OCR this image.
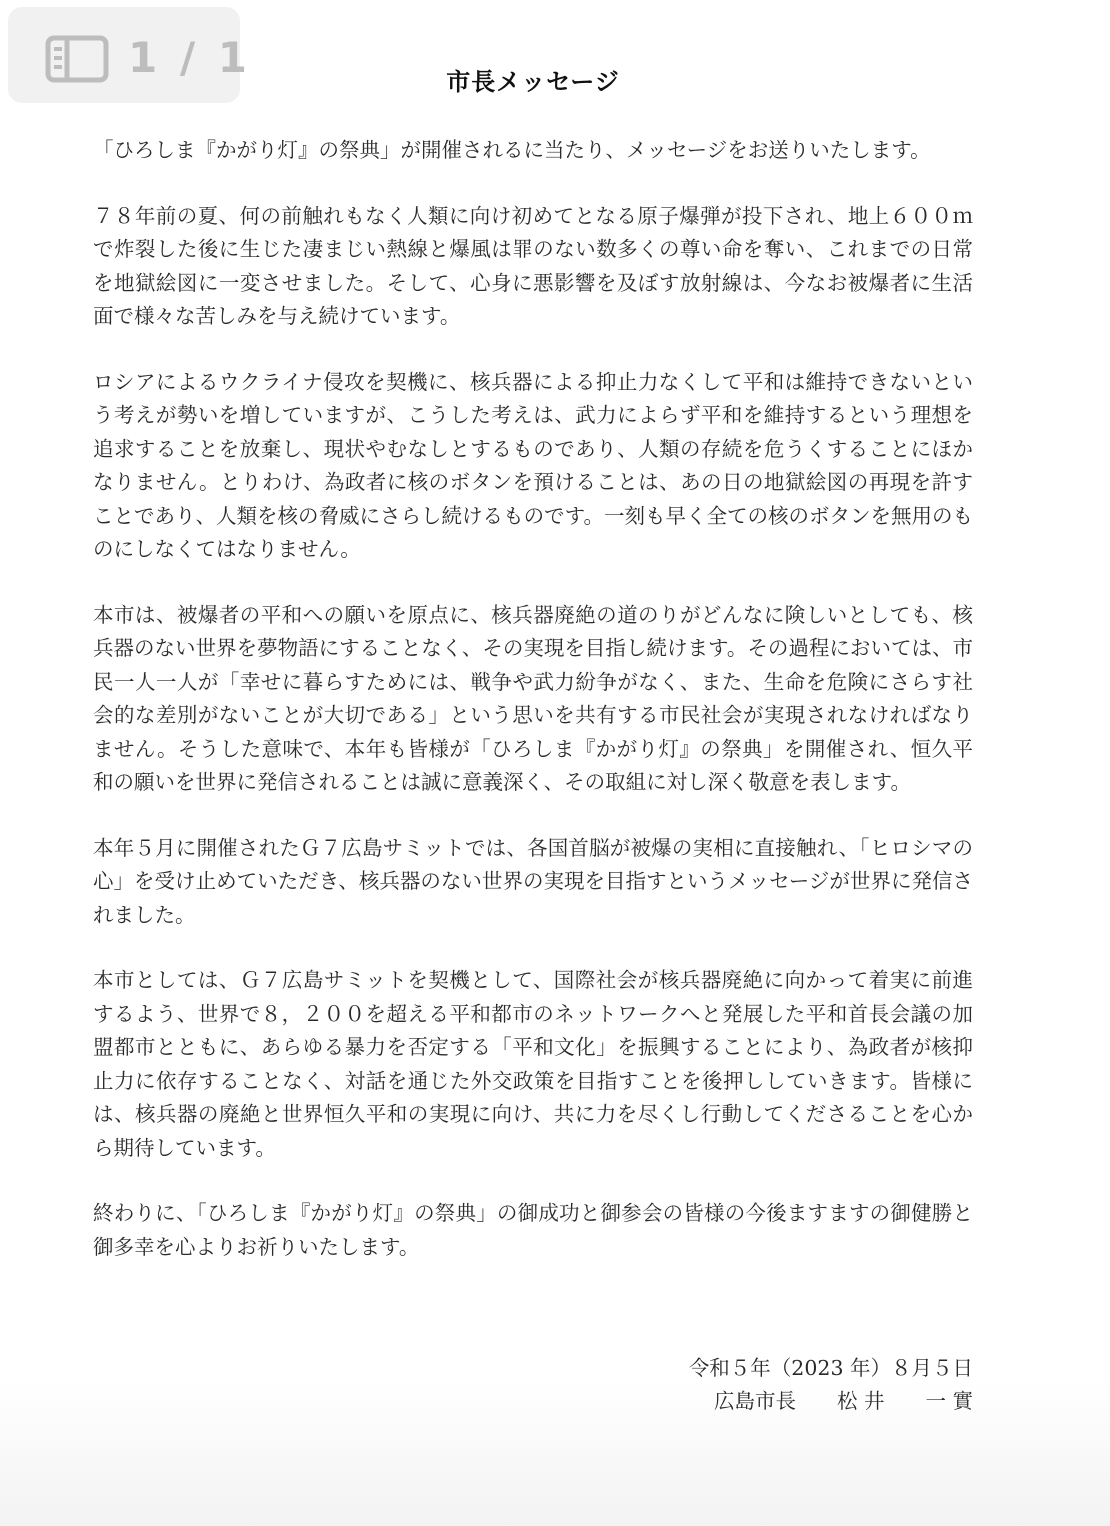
1 / 1	市長メッセージ

「ひろしま『かがり灯』の祭典」が開催されるに当たり、メッセージをお送りいたします。

７８年前の夏、何の前触れもなく人類に向け初めてとなる原子爆弾が投下され、地上６００ｍで炸裂した後に生じた凄まじい熱線と爆風は罪のない数多くの尊い命を奪い、これまでの日常を地獄絵図に一変させました。そして、心身に悪影響を及ぼす放射線は、今なお被爆者に生活面で様々な苦しみを与え続けています。

ロシアによるウクライナ侵攻を契機に、核兵器による抑止力なくして平和は維持できないという考えが勢いを増していますが、こうした考えは、武力によらず平和を維持するという理想を追求することを放棄し、現状やむなしとするものであり、人類の存続を危うくすることにほかなりません。とりわけ、為政者に核のボタンを預けることは、あの日の地獄絵図の再現を許すことであり、人類を核の脅威にさらし続けるものです。一刻も早く全ての核のボタンを無用のものにしなくてはなりません。

本市は、被爆者の平和への願いを原点に、核兵器廃絶の道のりがどんなに険しいとしても、核兵器のない世界を夢物語にすることなく、その実現を目指し続けます。その過程においては、市民一人一人が「幸せに暮らすためには、戦争や武力紛争がなく、また、生命を危険にさらす社会的な差別がないことが大切である」という思いを共有する市民社会が実現されなければなりません。そうした意味で、本年も皆様が「ひろしま『かがり灯』の祭典」を開催され、恒久平和の願いを世界に発信されることは誠に意義深く、その取組に対し深く敬意を表します。

本年５月に開催されたＧ７広島サミットでは、各国首脳が被爆の実相に直接触れ、「ヒロシマの心」を受け止めていただき、核兵器のない世界の実現を目指すというメッセージが世界に発信されました。

本市としては、Ｇ７広島サミットを契機として、国際社会が核兵器廃絶に向かって着実に前進するよう、世界で８，２００を超える平和都市のネットワークへと発展した平和首長会議の加盟都市とともに、あらゆる暴力を否定する「平和文化」を振興することにより、為政者が核抑止力に依存することなく、対話を通じた外交政策を目指すことを後押ししていきます。皆様には、核兵器の廃絶と世界恒久平和の実現に向け、共に力を尽くし行動してくださることを心から期待しています。

終わりに、「ひろしま『かがり灯』の祭典」の御成功と御参会の皆様の今後ますますの御健勝と御多幸を心よりお祈りいたします。

令和５年（2023 年）８月５日
広島市長　　松 井　　一 實
